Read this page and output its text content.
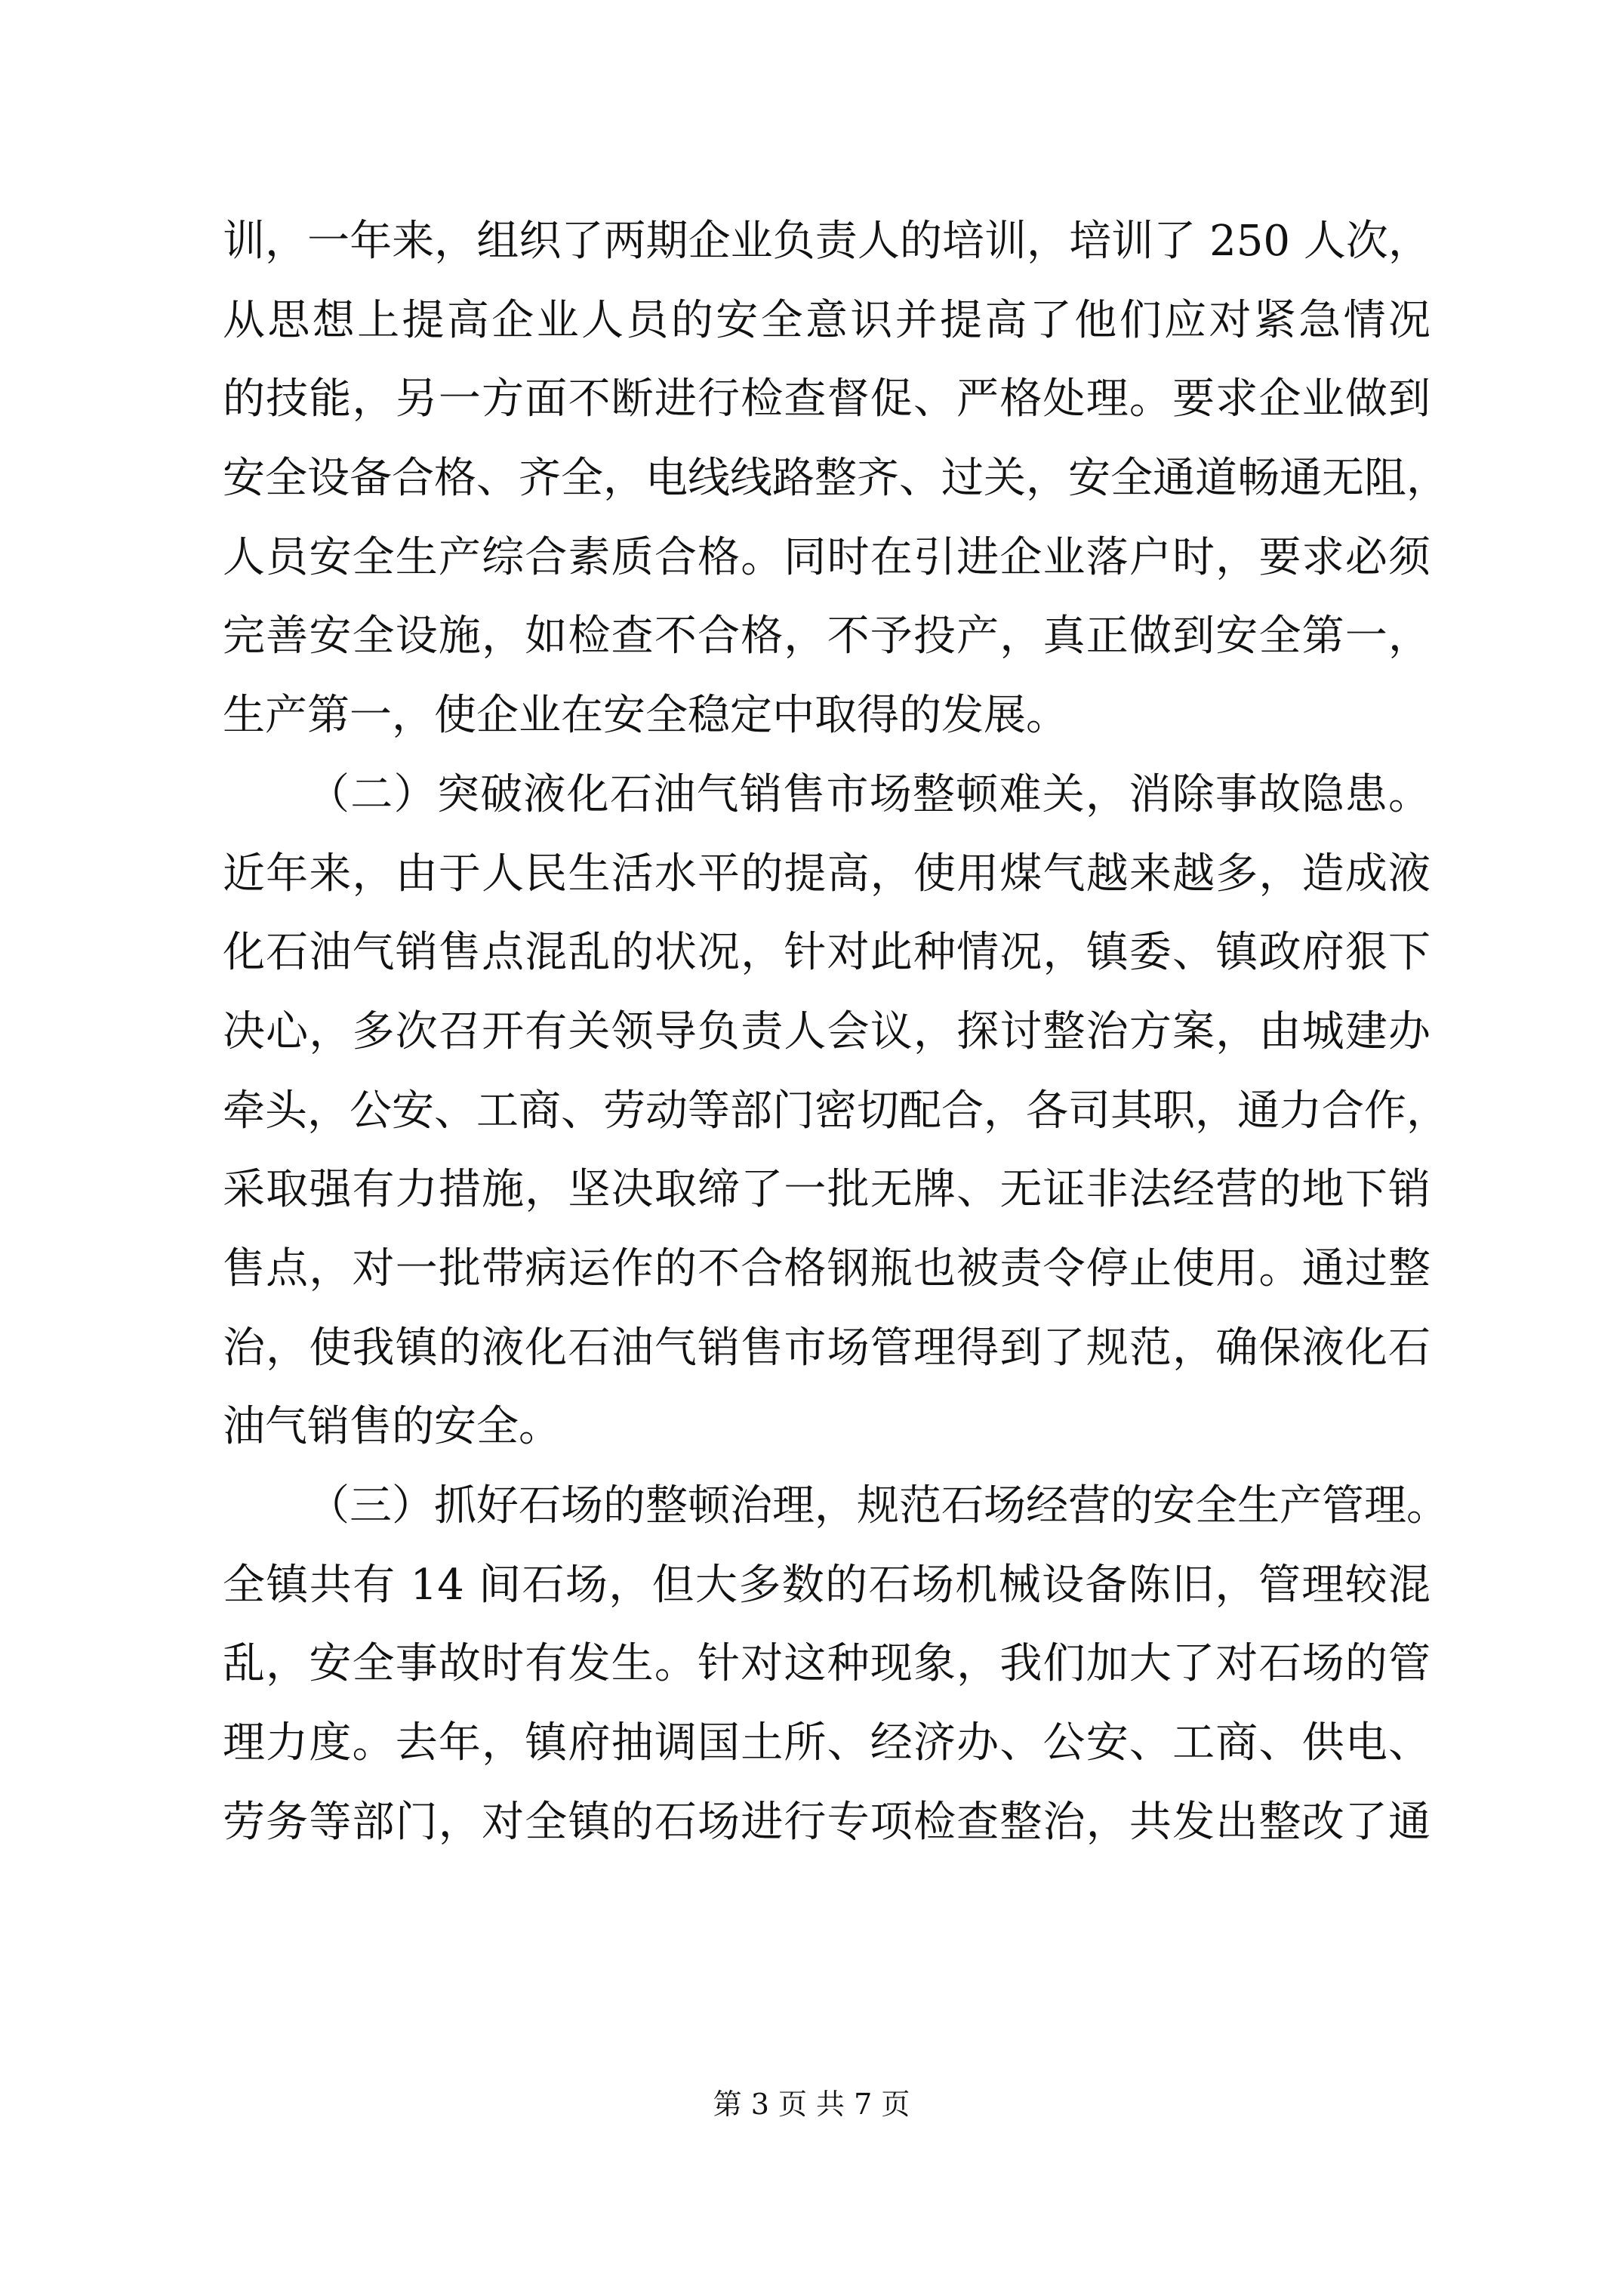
训，一年来，组织了两期企业负责人的培训，培训了 250 人次，
从思想上提高企业人员的安全意识并提高了他们应对紧急情况
的技能，另一方面不断进行检查督促、严格处理。要求企业做到
安全设备合格、齐全，电线线路整齐、过关，安全通道畅通无阻，
人员安全生产综合素质合格。同时在引进企业落户时，要求必须
完善安全设施，如检查不合格，不予投产，真正做到安全第一，
生产第一，使企业在安全稳定中取得的发展。
（二）突破液化石油气销售市场整顿难关，消除事故隐患。
近年来，由于人民生活水平的提高，使用煤气越来越多，造成液
化石油气销售点混乱的状况，针对此种情况，镇委、镇政府狠下
决心，多次召开有关领导负责人会议，探讨整治方案，由城建办
牵头，公安、工商、劳动等部门密切配合，各司其职，通力合作，
采取强有力措施，坚决取缔了一批无牌、无证非法经营的地下销
售点，对一批带病运作的不合格钢瓶也被责令停止使用。通过整
治，使我镇的液化石油气销售市场管理得到了规范，确保液化石
油气销售的安全。
（三）抓好石场的整顿治理，规范石场经营的安全生产管理。
全镇共有 14 间石场，但大多数的石场机械设备陈旧，管理较混
乱，安全事故时有发生。针对这种现象，我们加大了对石场的管
理力度。去年，镇府抽调国土所、经济办、公安、工商、供电、
劳务等部门，对全镇的石场进行专项检查整治，共发出整改了通
第 3 页 共 7 页
